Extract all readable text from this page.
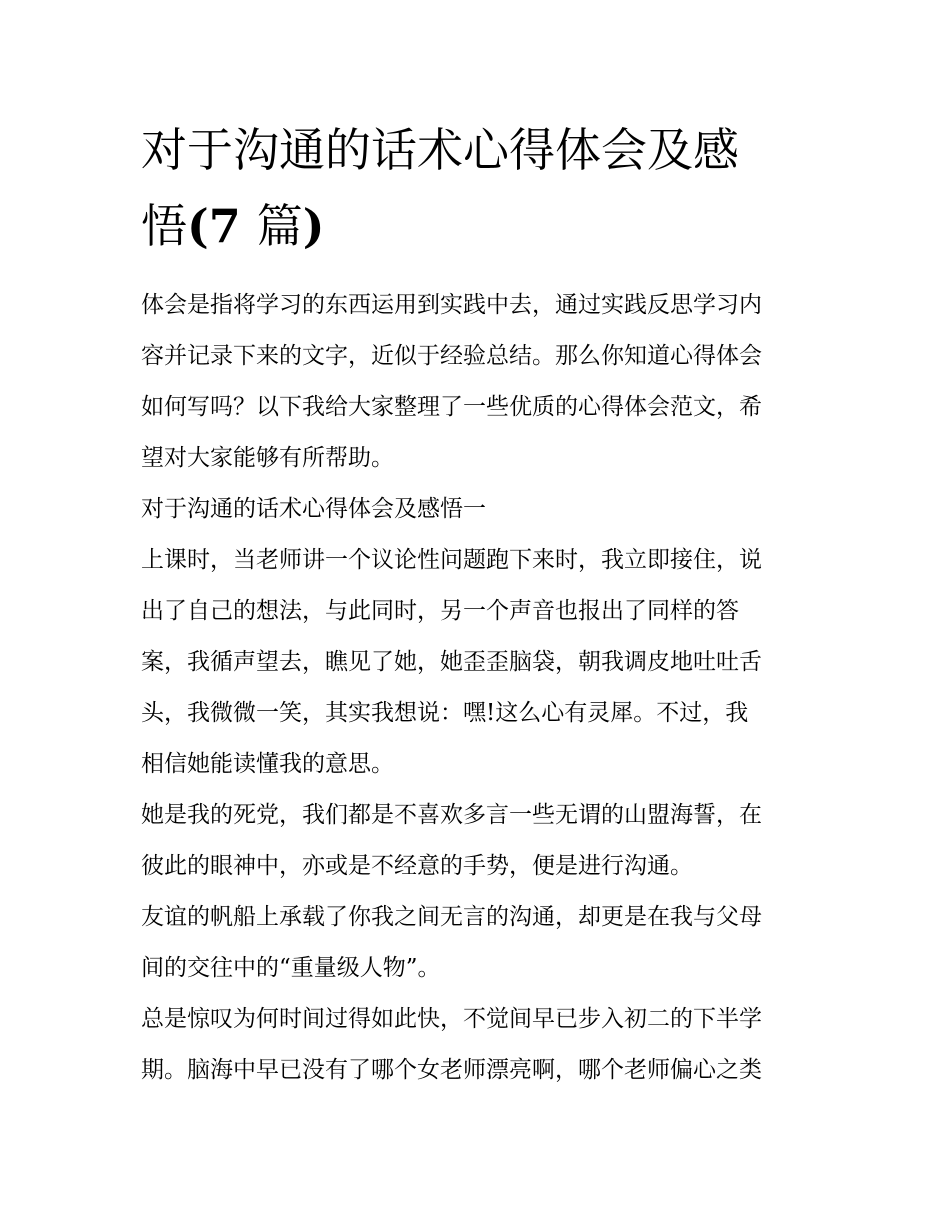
对于沟通的话术心得体会及感
悟(7 篇)

体会是指将学习的东西运用到实践中去，通过实践反思学习内
容并记录下来的文字，近似于经验总结。那么你知道心得体会
如何写吗？以下我给大家整理了一些优质的心得体会范文，希
望对大家能够有所帮助。

对于沟通的话术心得体会及感悟一

上课时，当老师讲一个议论性问题跑下来时，我立即接住，说
出了自己的想法，与此同时，另一个声音也报出了同样的答
案，我循声望去，瞧见了她，她歪歪脑袋，朝我调皮地吐吐舌
头，我微微一笑，其实我想说：嘿!这么心有灵犀。不过，我
相信她能读懂我的意思。

她是我的死党，我们都是不喜欢多言一些无谓的山盟海誓，在
彼此的眼神中，亦或是不经意的手势，便是进行沟通。

友谊的帆船上承载了你我之间无言的沟通，却更是在我与父母
间的交往中的“重量级人物”。

总是惊叹为何时间过得如此快，不觉间早已步入初二的下半学
期。脑海中早已没有了哪个女老师漂亮啊，哪个老师偏心之类
